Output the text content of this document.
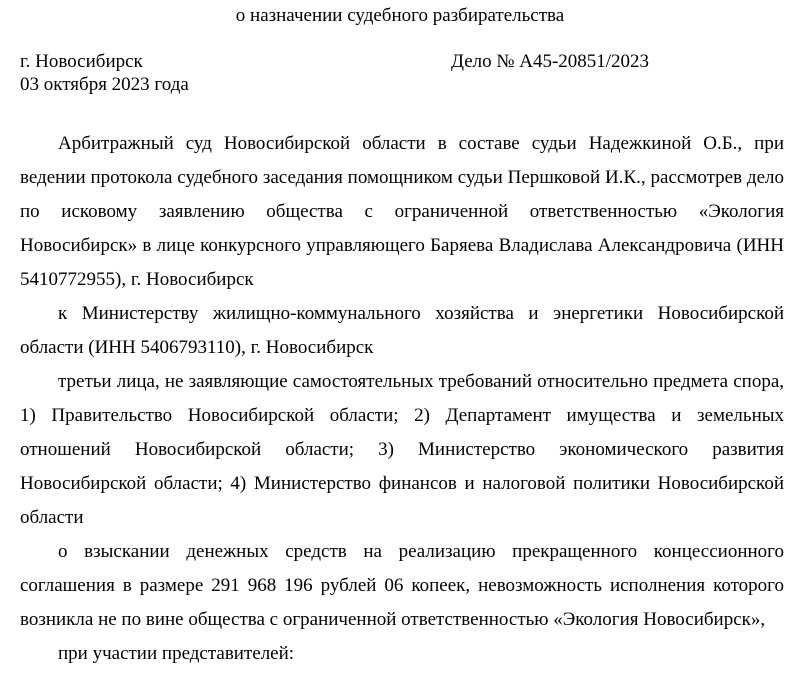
о назначении судебного разбирательства
г. Новосибирск	Дело № А45-20851/2023
03 октября 2023 года

Арбитражный суд Новосибирской области в составе судьи Надежкиной О.Б., при ведении протокола судебного заседания помощником судьи Першковой И.К., рассмотрев дело по исковому заявлению общества с ограниченной ответственностью «Экология Новосибирск» в лице конкурсного управляющего Баряева Владислава Александровича (ИНН 5410772955), г. Новосибирск

к Министерству жилищно-коммунального хозяйства и энергетики Новосибирской области (ИНН 5406793110), г. Новосибирск

третьи лица, не заявляющие самостоятельных требований относительно предмета спора, 1) Правительство Новосибирской области; 2) Департамент имущества и земельных отношений Новосибирской области; 3) Министерство экономического развития Новосибирской области; 4) Министерство финансов и налоговой политики Новосибирской области

о взыскании денежных средств на реализацию прекращенного концессионного соглашения в размере 291 968 196 рублей 06 копеек, невозможность исполнения которого возникла не по вине общества с ограниченной ответственностью «Экология Новосибирск»,

при участии представителей:
